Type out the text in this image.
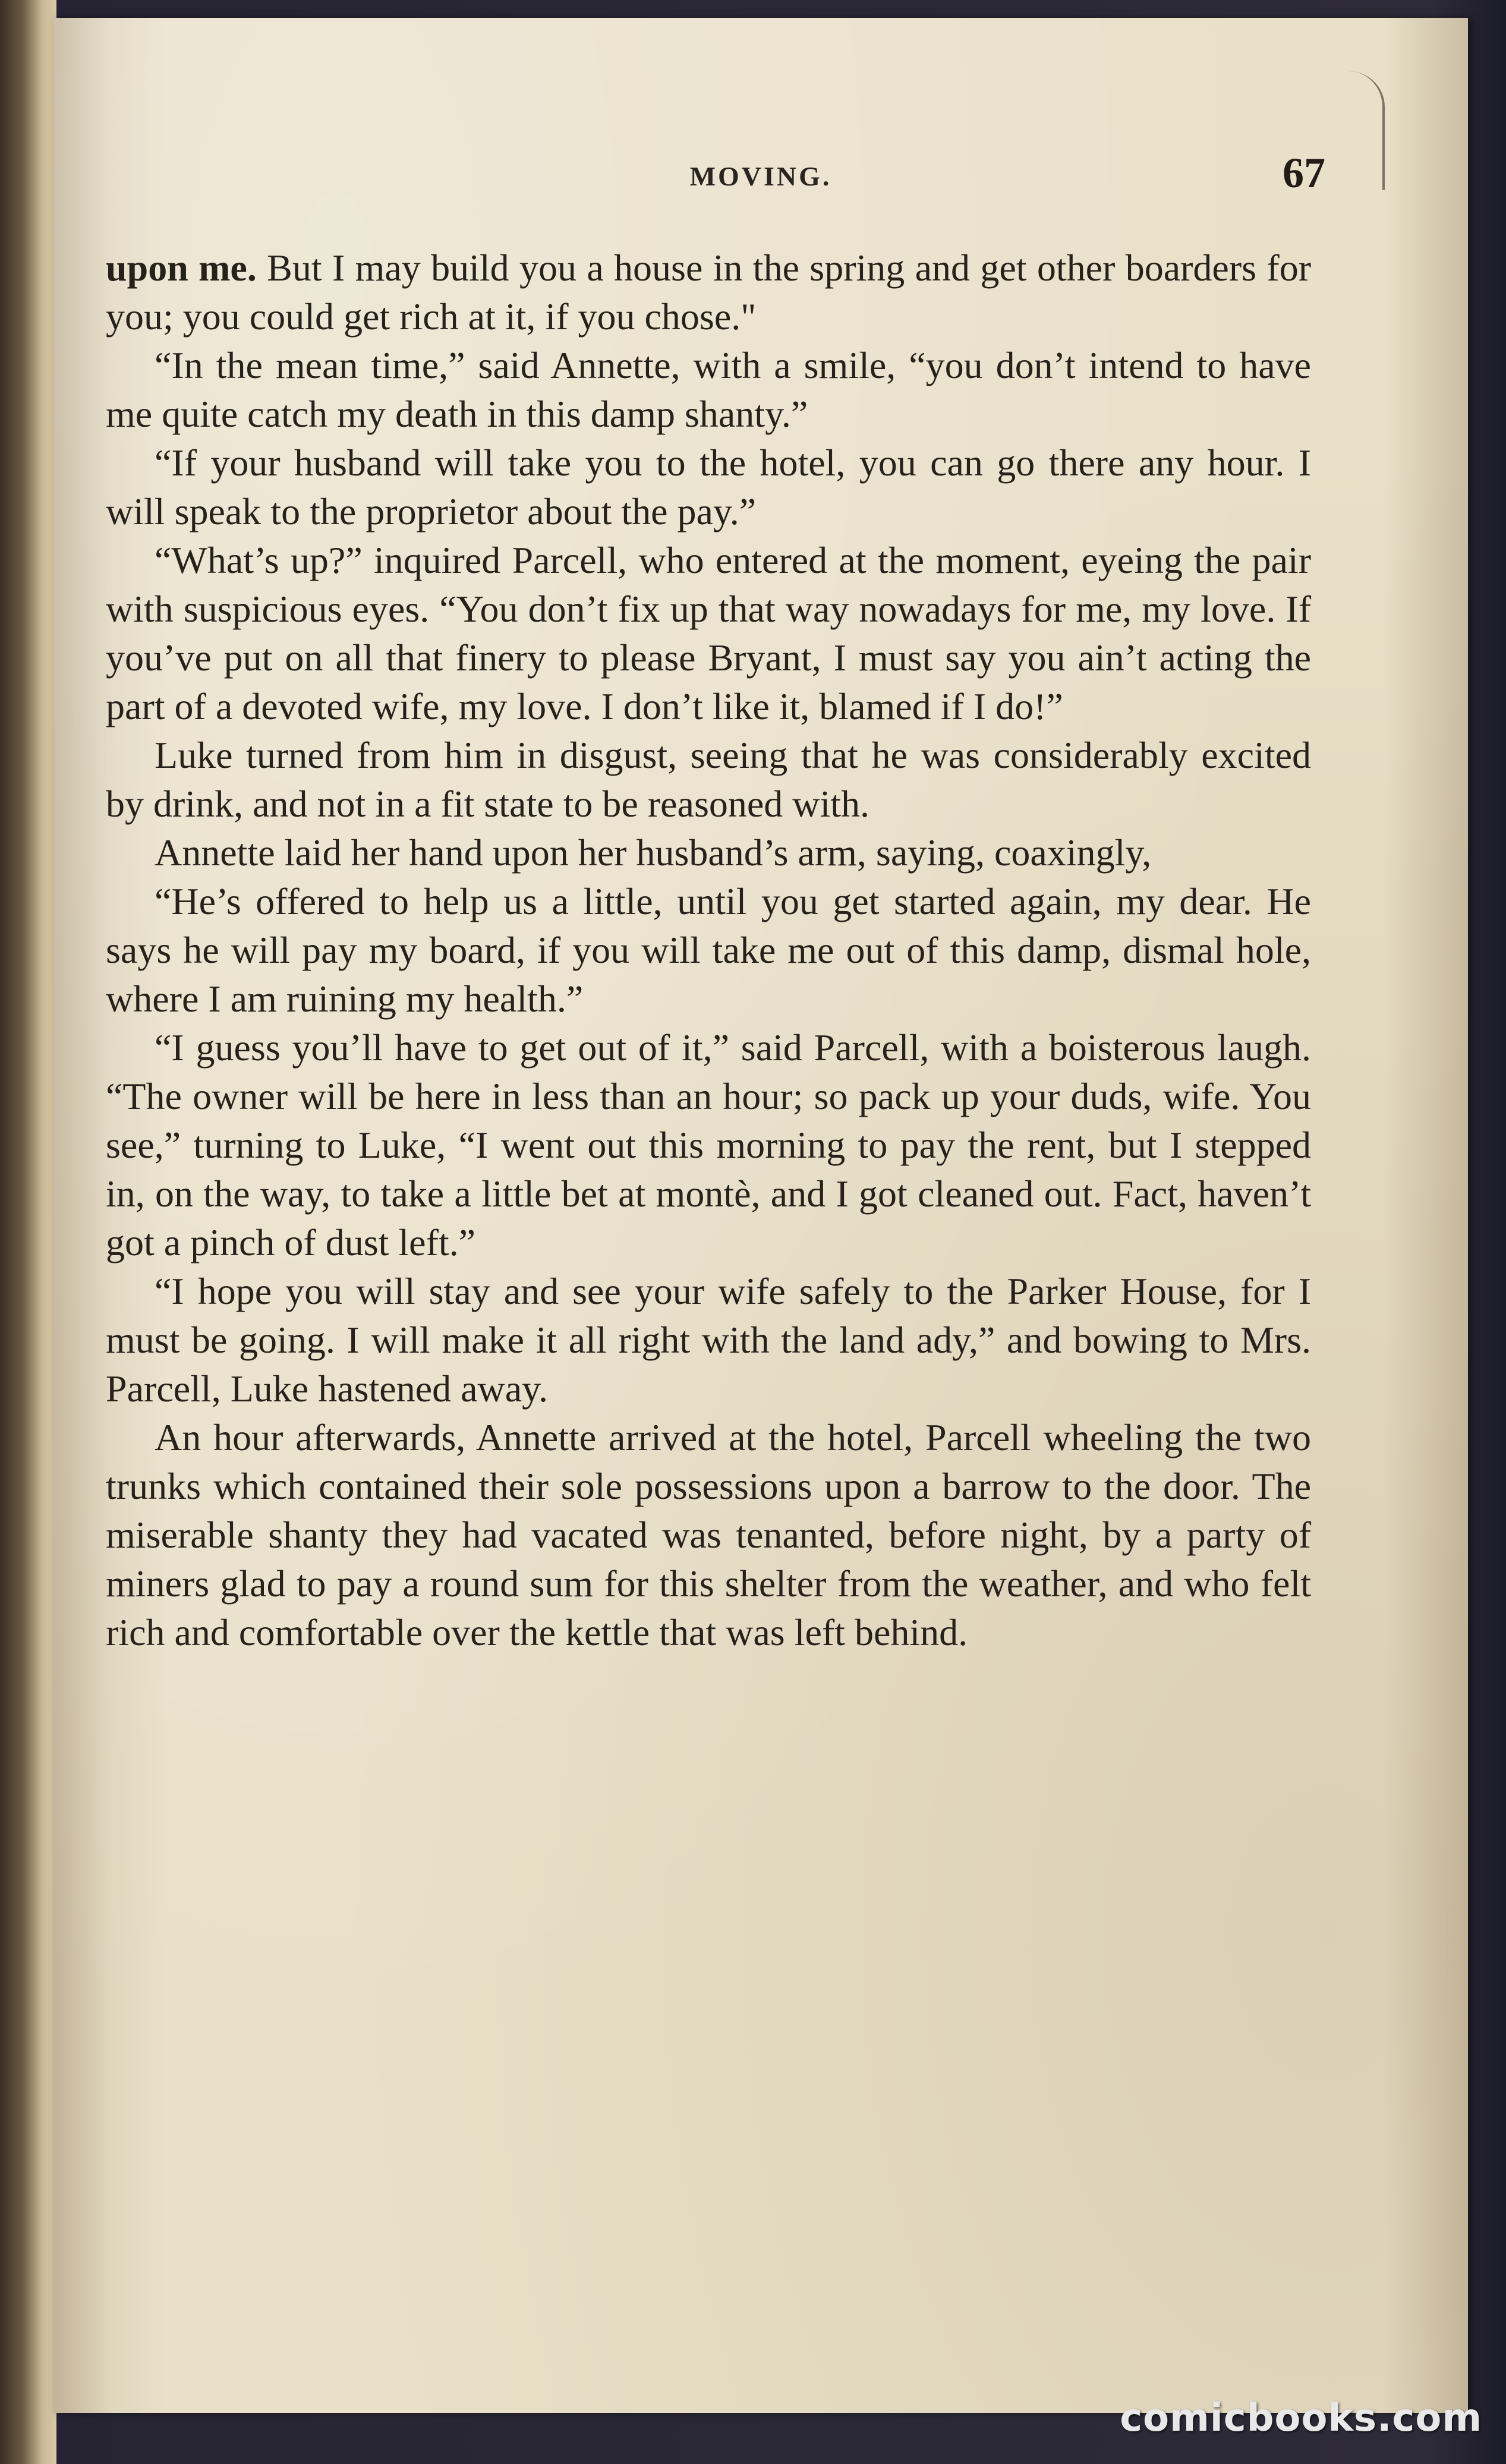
MOVING.	67

upon me. But I may build you a house in the spring and get other boarders for you; you could get rich at it, if you chose."

“In the mean time,” said Annette, with a smile, “you don’t intend to have me quite catch my death in this damp shanty.”

“If your husband will take you to the hotel, you can go there any hour. I will speak to the proprietor about the pay.”

“What’s up?” inquired Parcell, who entered at the moment, eyeing the pair with suspicious eyes. “You don’t fix up that way nowadays for me, my love. If you’ve put on all that finery to please Bryant, I must say you ain’t acting the part of a devoted wife, my love. I don’t like it, blamed if I do!”

Luke turned from him in disgust, seeing that he was considerably excited by drink, and not in a fit state to be reasoned with.

Annette laid her hand upon her husband’s arm, saying, coaxingly,

“He’s offered to help us a little, until you get started again, my dear. He says he will pay my board, if you will take me out of this damp, dismal hole, where I am ruining my health.”

“I guess you’ll have to get out of it,” said Parcell, with a boisterous laugh. “The owner will be here in less than an hour; so pack up your duds, wife. You see,” turning to Luke, “I went out this morning to pay the rent, but I stepped in, on the way, to take a little bet at montè, and I got cleaned out. Fact, haven’t got a pinch of dust left.”

“I hope you will stay and see your wife safely to the Parker House, for I must be going. I will make it all right with the land ady,” and bowing to Mrs. Parcell, Luke hastened away.

An hour afterwards, Annette arrived at the hotel, Parcell wheeling the two trunks which contained their sole possessions upon a barrow to the door. The miserable shanty they had vacated was tenanted, before night, by a party of miners glad to pay a round sum for this shelter from the weather, and who felt rich and comfortable over the kettle that was left behind.

comicbooks.com
